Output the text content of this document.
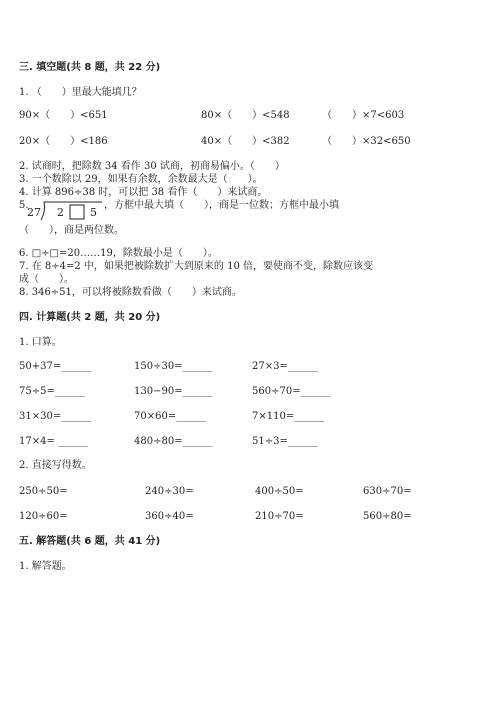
三. 填空题(共 8 题，共 22 分)
1. （　　）里最大能填几？
90×（　　）<651	80×（　　）<548	（　　）×7<603
20×（　　）<186	40×（　　）<382	（　　）×32<650
2. 试商时，把除数 34 看作 30 试商，初商易偏小。（　　）
3. 一个数除以 29，如果有余数，余数最大是（　　）。
4. 计算 896÷38 时，可以把 38 看作（　　）来试商。
5.
27 2 5
，方框中最大填（　　），商是一位数；方框中最小填
（　　），商是两位数。
6. □÷□=20……19，除数最小是（　　）。
7. 在 8÷4=2 中，如果把被除数扩大到原来的 10 倍，要使商不变，除数应该变
成（　　）。
8. 346÷51，可以将被除数看做（　　）来试商。
四. 计算题(共 2 题，共 20 分)
1. 口算。
50+37=______	150÷30=______	27×3=______
75÷5=______	130−90=______	560÷70=______
31×30=______	70×60=______	7×110=______
17×4= ______	480÷80=______	51÷3=______
2. 直接写得数。
250÷50=	240÷30=	400÷50=	630÷70=
120÷60=	360÷40=	210÷70=	560÷80=
五. 解答题(共 6 题，共 41 分)
1. 解答题。
